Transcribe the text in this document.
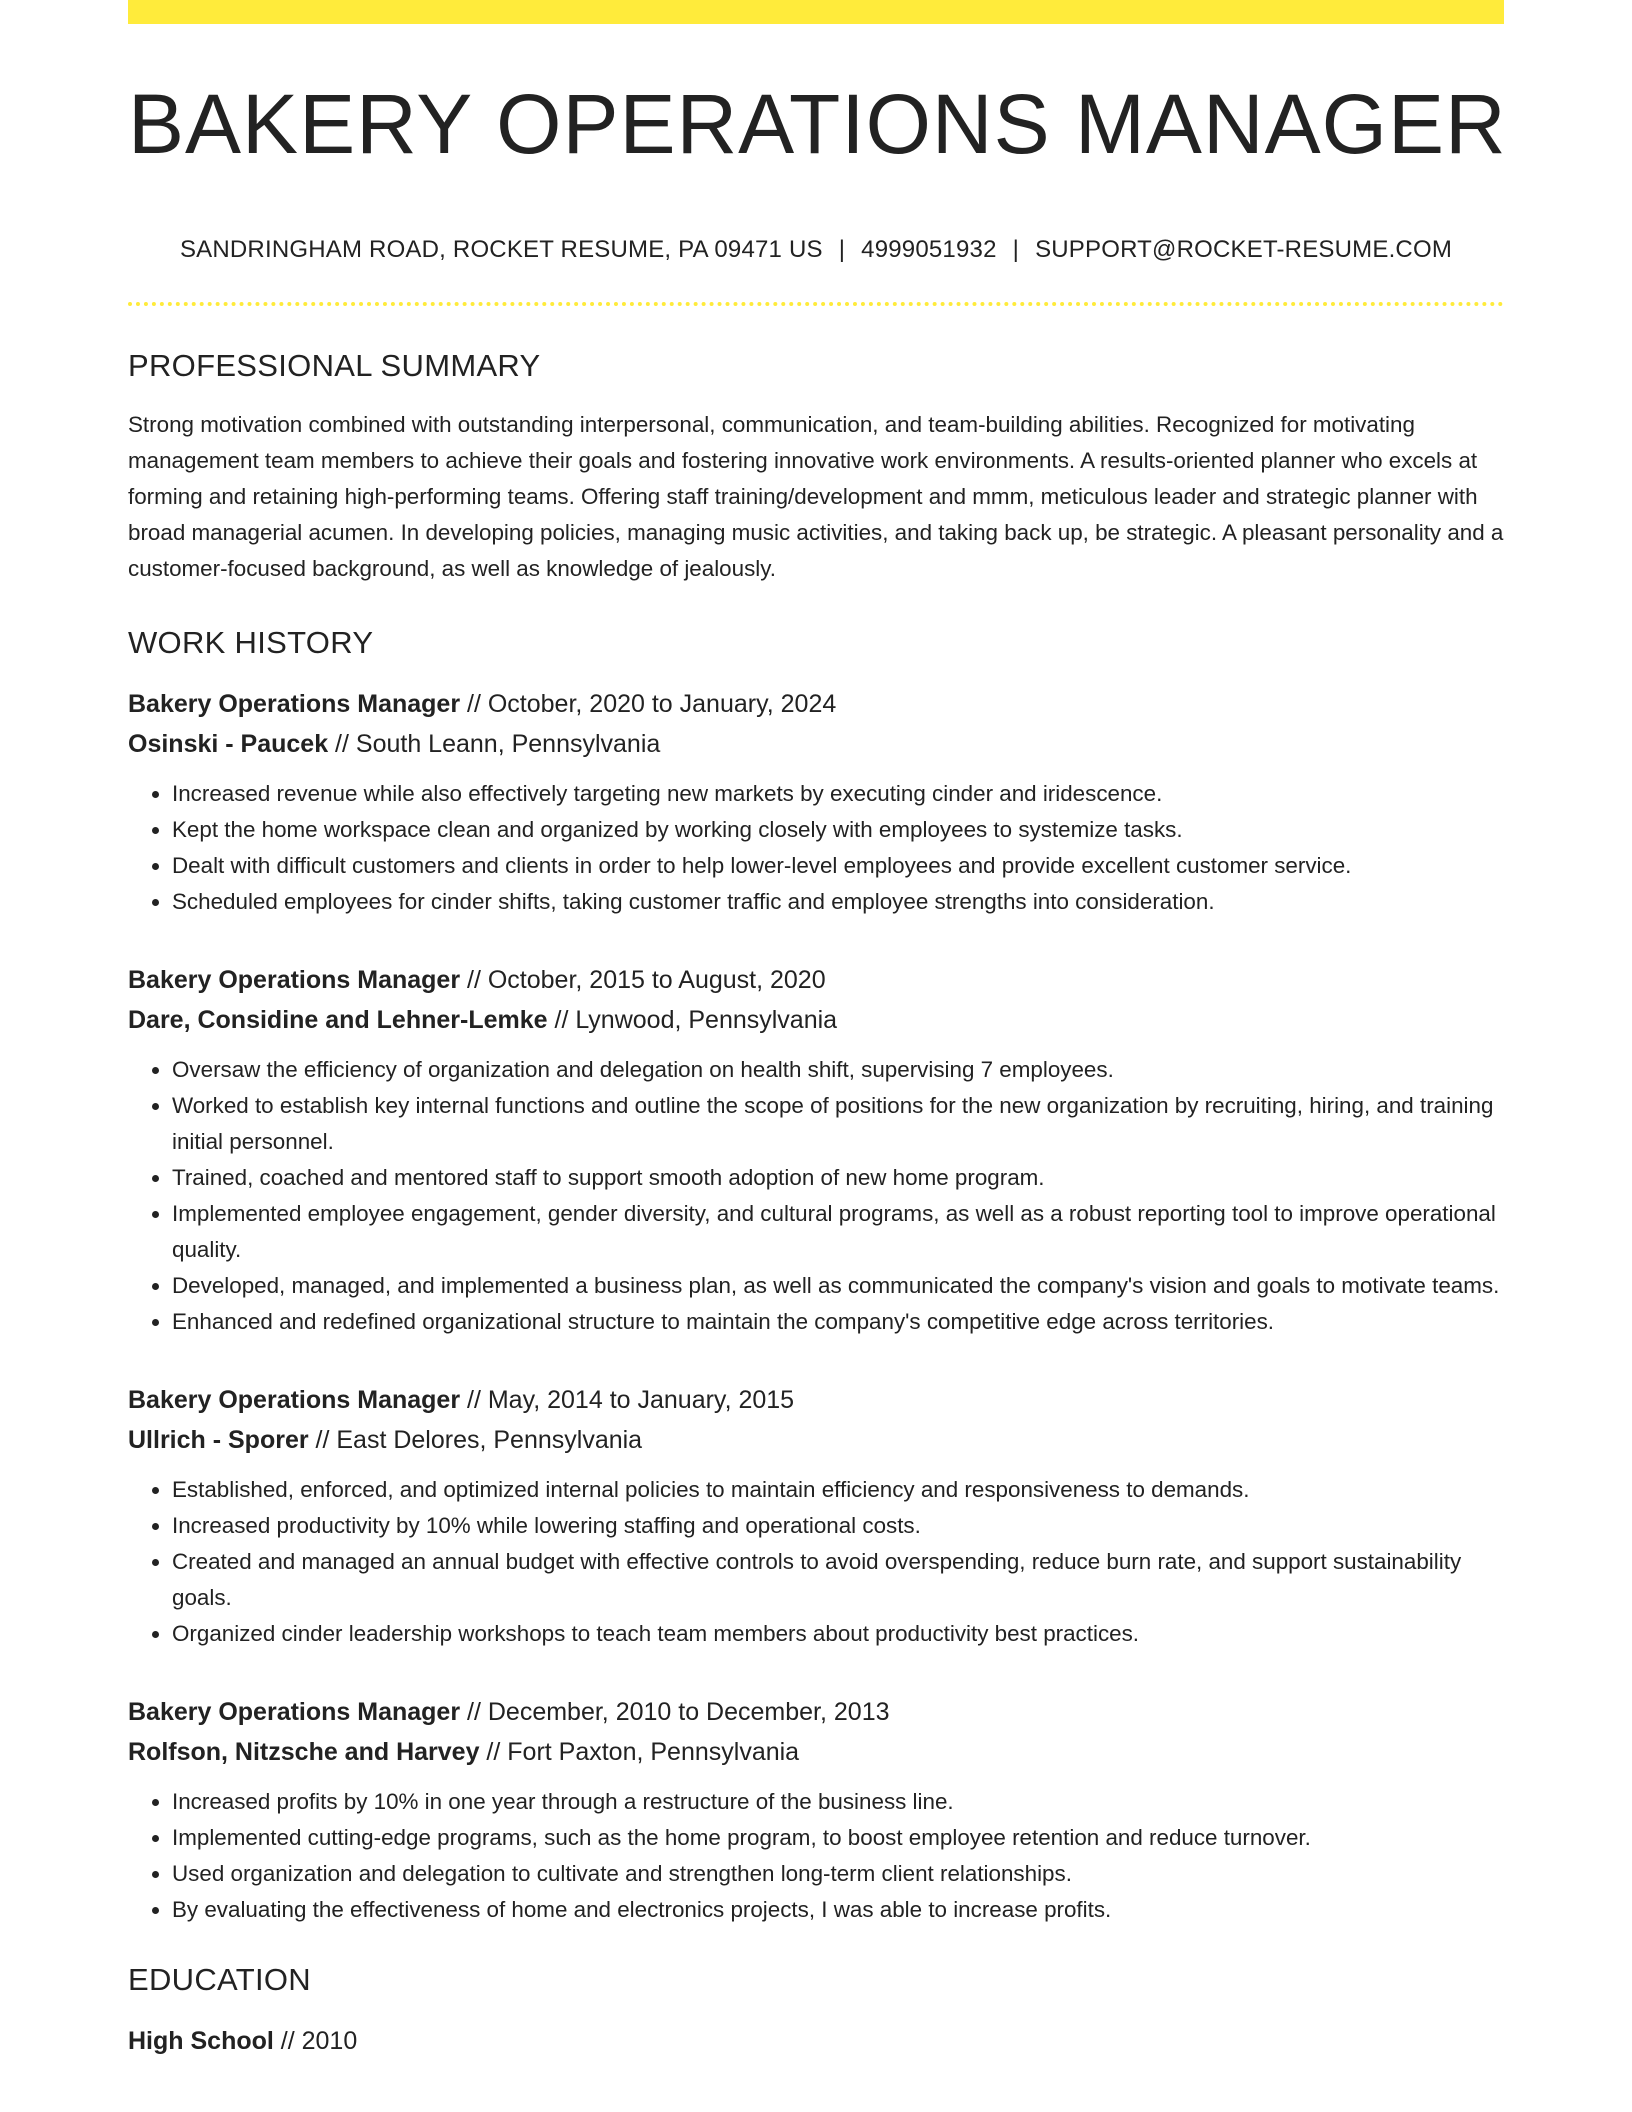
BAKERY OPERATIONS MANAGER
SANDRINGHAM ROAD, ROCKET RESUME, PA 09471 US | 4999051932 | SUPPORT@ROCKET-RESUME.COM
PROFESSIONAL SUMMARY

Strong motivation combined with outstanding interpersonal, communication, and team-building abilities. Recognized for motivating management team members to achieve their goals and fostering innovative work environments. A results-oriented planner who excels at forming and retaining high-performing teams. Offering staff training/development and mmm, meticulous leader and strategic planner with broad managerial acumen. In developing policies, managing music activities, and taking back up, be strategic. A pleasant personality and a customer-focused background, as well as knowledge of jealously.

WORK HISTORY
Bakery Operations Manager // October, 2020 to January, 2024
Osinski - Paucek // South Leann, Pennsylvania
• Increased revenue while also effectively targeting new markets by executing cinder and iridescence.
• Kept the home workspace clean and organized by working closely with employees to systemize tasks.
• Dealt with difficult customers and clients in order to help lower-level employees and provide excellent customer service.
• Scheduled employees for cinder shifts, taking customer traffic and employee strengths into consideration.
Bakery Operations Manager // October, 2015 to August, 2020
Dare, Considine and Lehner-Lemke // Lynwood, Pennsylvania
• Oversaw the efficiency of organization and delegation on health shift, supervising 7 employees.
• Worked to establish key internal functions and outline the scope of positions for the new organization by recruiting, hiring, and training initial personnel.
• Trained, coached and mentored staff to support smooth adoption of new home program.
• Implemented employee engagement, gender diversity, and cultural programs, as well as a robust reporting tool to improve operational quality.
• Developed, managed, and implemented a business plan, as well as communicated the company's vision and goals to motivate teams.
• Enhanced and redefined organizational structure to maintain the company's competitive edge across territories.
Bakery Operations Manager // May, 2014 to January, 2015
Ullrich - Sporer // East Delores, Pennsylvania
• Established, enforced, and optimized internal policies to maintain efficiency and responsiveness to demands.
• Increased productivity by 10% while lowering staffing and operational costs.
• Created and managed an annual budget with effective controls to avoid overspending, reduce burn rate, and support sustainability goals.
• Organized cinder leadership workshops to teach team members about productivity best practices.
Bakery Operations Manager // December, 2010 to December, 2013
Rolfson, Nitzsche and Harvey // Fort Paxton, Pennsylvania
• Increased profits by 10% in one year through a restructure of the business line.
• Implemented cutting-edge programs, such as the home program, to boost employee retention and reduce turnover.
• Used organization and delegation to cultivate and strengthen long-term client relationships.
• By evaluating the effectiveness of home and electronics projects, I was able to increase profits.
EDUCATION
High School // 2010
